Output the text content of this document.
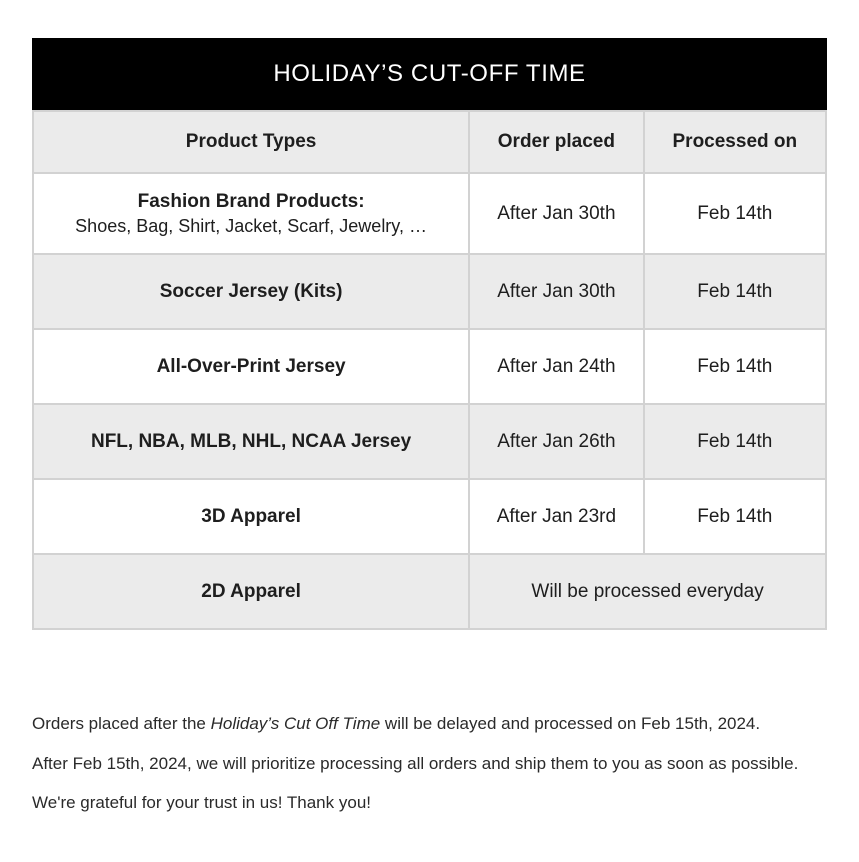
HOLIDAY’S CUT-OFF TIME
Product Types	Order placed	Processed on

Fashion Brand Products:
Shoes, Bag, Shirt, Jacket, Scarf, Jewelry, …	After Jan 30th	Feb 14th
Soccer Jersey (Kits)	After Jan 30th	Feb 14th
All-Over-Print Jersey	After Jan 24th	Feb 14th
NFL, NBA, MLB, NHL, NCAA Jersey	After Jan 26th	Feb 14th
3D Apparel	After Jan 23rd	Feb 14th
2D Apparel	Will be processed everyday	

Orders placed after the Holiday’s Cut Off Time will be delayed and processed on Feb 15th, 2024.

After Feb 15th, 2024, we will prioritize processing all orders and ship them to you as soon as possible.

We're grateful for your trust in us! Thank you!
